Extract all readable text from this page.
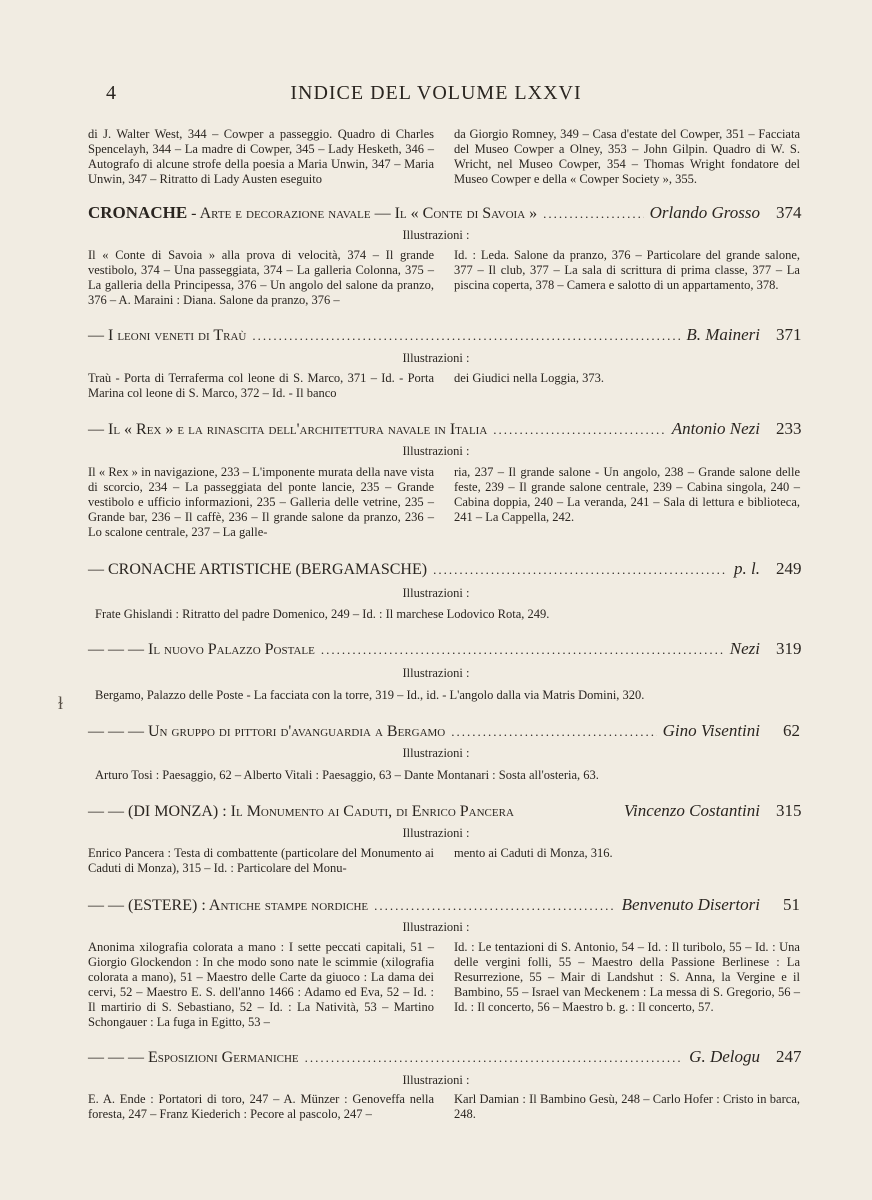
4	INDICE DEL VOLUME LXXVI
di J. Walter West, 344 – Cowper a passeggio. Quadro di Charles Spencelayh, 344 – La madre di Cowper, 345 – Lady Hesketh, 346 – Autografo di alcune strofe della poesia a Maria Unwin, 347 – Maria Unwin, 347 – Ritratto di Lady Austen eseguito
da Giorgio Romney, 349 – Casa d'estate del Cowper, 351 – Facciata del Museo Cowper a Olney, 353 – John Gilpin. Quadro di W. S. Wricht, nel Museo Cowper, 354 – Thomas Wright fondatore del Museo Cowper e della « Cowper Society », 355.
CRONACHE - Arte e decorazione navale — Il « Conte di Savoia » .....	Orlando Grosso 374
Illustrazioni :
Il « Conte di Savoia » alla prova di velocità, 374 – Il grande vestibolo, 374 – Una passeggiata, 374 – La galleria Colonna, 375 – La galleria della Principessa, 376 – Un angolo del salone da pranzo, 376 – A. Maraini : Diana. Salone da pranzo, 376 –
Id. : Leda. Salone da pranzo, 376 – Particolare del grande salone, 377 – Il club, 377 – La sala di scrittura di prima classe, 377 – La piscina coperta, 378 – Camera e salotto di un appartamento, 378.
— I leoni veneti di Traù .....	B. Maineri 371
Illustrazioni :
Traù - Porta di Terraferma col leone di S. Marco, 371 – Id. - Porta Marina col leone di S. Marco, 372 – Id. - Il banco
dei Giudici nella Loggia, 373.
— Il « Rex » e la rinascita dell'architettura navale in Italia .....	Antonio Nezi 233
Illustrazioni :
Il « Rex » in navigazione, 233 – L'imponente murata della nave vista di scorcio, 234 – La passeggiata del ponte lancie, 235 – Grande vestibolo e ufficio informazioni, 235 – Galleria delle vetrine, 235 – Grande bar, 236 – Il caffè, 236 – Il grande salone da pranzo, 236 – Lo scalone centrale, 237 – La galle-
ria, 237 – Il grande salone - Un angolo, 238 – Grande salone delle feste, 239 – Il grande salone centrale, 239 – Cabina singola, 240 – Cabina doppia, 240 – La veranda, 241 – Sala di lettura e biblioteca, 241 – La Cappella, 242.
— CRONACHE ARTISTICHE (BERGAMASCHE) .....	p. l. 249
Illustrazioni :
Frate Ghislandi : Ritratto del padre Domenico, 249 – Id. : Il marchese Lodovico Rota, 249.
— — — Il nuovo Palazzo Postale .....	Nezi 319
Illustrazioni :
Bergamo, Palazzo delle Poste - La facciata con la torre, 319 – Id., id. - L'angolo dalla via Matris Domini, 320.
ɫ
— — — Un gruppo di pittori d'avanguardia a Bergamo .....	Gino Visentini	62
Illustrazioni :
Arturo Tosi : Paesaggio, 62 – Alberto Vitali : Paesaggio, 63 – Dante Montanari : Sosta all'osteria, 63.
— — (DI MONZA) : Il Monumento ai Caduti, di Enrico Pancera	Vincenzo Costantini 315
Illustrazioni :
Enrico Pancera : Testa di combattente (particolare del Monumento ai Caduti di Monza), 315 – Id. : Particolare del Monu-
mento ai Caduti di Monza, 316.
— — (ESTERE) : Antiche stampe nordiche .....	Benvenuto Disertori	51
Illustrazioni :
Anonima xilografia colorata a mano : I sette peccati capitali, 51 – Giorgio Glockendon : In che modo sono nate le scimmie (xilografia colorata a mano), 51 – Maestro delle Carte da giuoco : La dama dei cervi, 52 – Maestro E. S. dell'anno 1466 : Adamo ed Eva, 52 – Id. : Il martirio di S. Sebastiano, 52 – Id. : La Natività, 53 – Martino Schongauer : La fuga in Egitto, 53 –
Id. : Le tentazioni di S. Antonio, 54 – Id. : Il turibolo, 55 – Id. : Una delle vergini folli, 55 – Maestro della Passione Berlinese : La Resurrezione, 55 – Mair di Landshut : S. Anna, la Vergine e il Bambino, 55 – Israel van Meckenem : La messa di S. Gregorio, 56 – Id. : Il concerto, 56 – Maestro b. g. : Il concerto, 57.
— — — Esposizioni Germaniche .....	G. Delogu 247
Illustrazioni :
E. A. Ende : Portatori di toro, 247 – A. Münzer : Genoveffa nella foresta, 247 – Franz Kiederich : Pecore al pascolo, 247 –
Karl Damian : Il Bambino Gesù, 248 – Carlo Hofer : Cristo in barca, 248.
